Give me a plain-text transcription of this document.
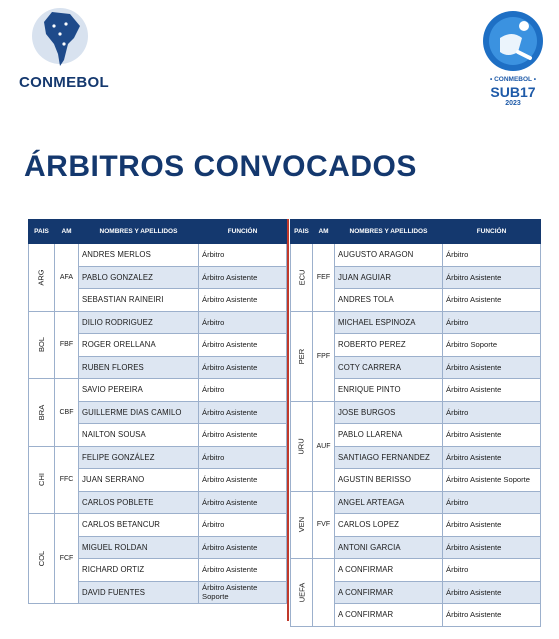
CONMEBOL	• CONMEBOL •
SUB17
2023
ÁRBITROS CONVOCADOS
PAIS	AM	NOMBRES Y APELLIDOS	FUNCIÓN
ARG	AFA	ANDRES MERLOS	Árbitro
		PABLO GONZALEZ	Árbitro Asistente
		SEBASTIAN RAINEIRI	Árbitro Asistente
BOL	FBF	DILIO RODRIGUEZ	Árbitro
		ROGER ORELLANA	Árbitro Asistente
		RUBEN FLORES	Árbitro Asistente
BRA	CBF	SAVIO PEREIRA	Árbitro
		GUILLERME DIAS CAMILO	Árbitro Asistente
		NAILTON SOUSA	Árbitro Asistente
CHI	FFC	FELIPE GONZÁLEZ	Árbitro
		JUAN SERRANO	Árbitro Asistente
		CARLOS POBLETE	Árbitro Asistente
COL	FCF	CARLOS BETANCUR	Árbitro
		MIGUEL ROLDAN	Árbitro Asistente
		RICHARD ORTIZ	Árbitro Asistente
		DAVID FUENTES	Árbitro Asistente Soporte
PAIS	AM	NOMBRES Y APELLIDOS	FUNCIÓN
ECU	FEF	AUGUSTO ARAGON	Árbitro
		JUAN AGUIAR	Árbitro Asistente
		ANDRES TOLA	Árbitro Asistente
PER	FPF	MICHAEL ESPINOZA	Árbitro
		ROBERTO PEREZ	Árbitro Soporte
		COTY CARRERA	Árbitro Asistente
		ENRIQUE PINTO	Árbitro Asistente
URU	AUF	JOSE BURGOS	Árbitro
		PABLO LLARENA	Árbitro Asistente
		SANTIAGO FERNANDEZ	Árbitro Asistente
		AGUSTIN BERISSO	Árbitro Asistente Soporte
VEN	FVF	ANGEL ARTEAGA	Árbitro
		CARLOS LOPEZ	Árbitro Asistente
		ANTONI GARCIA	Árbitro Asistente
UEFA		A CONFIRMAR	Árbitro
		A CONFIRMAR	Árbitro Asistente
		A CONFIRMAR	Árbitro Asistente
